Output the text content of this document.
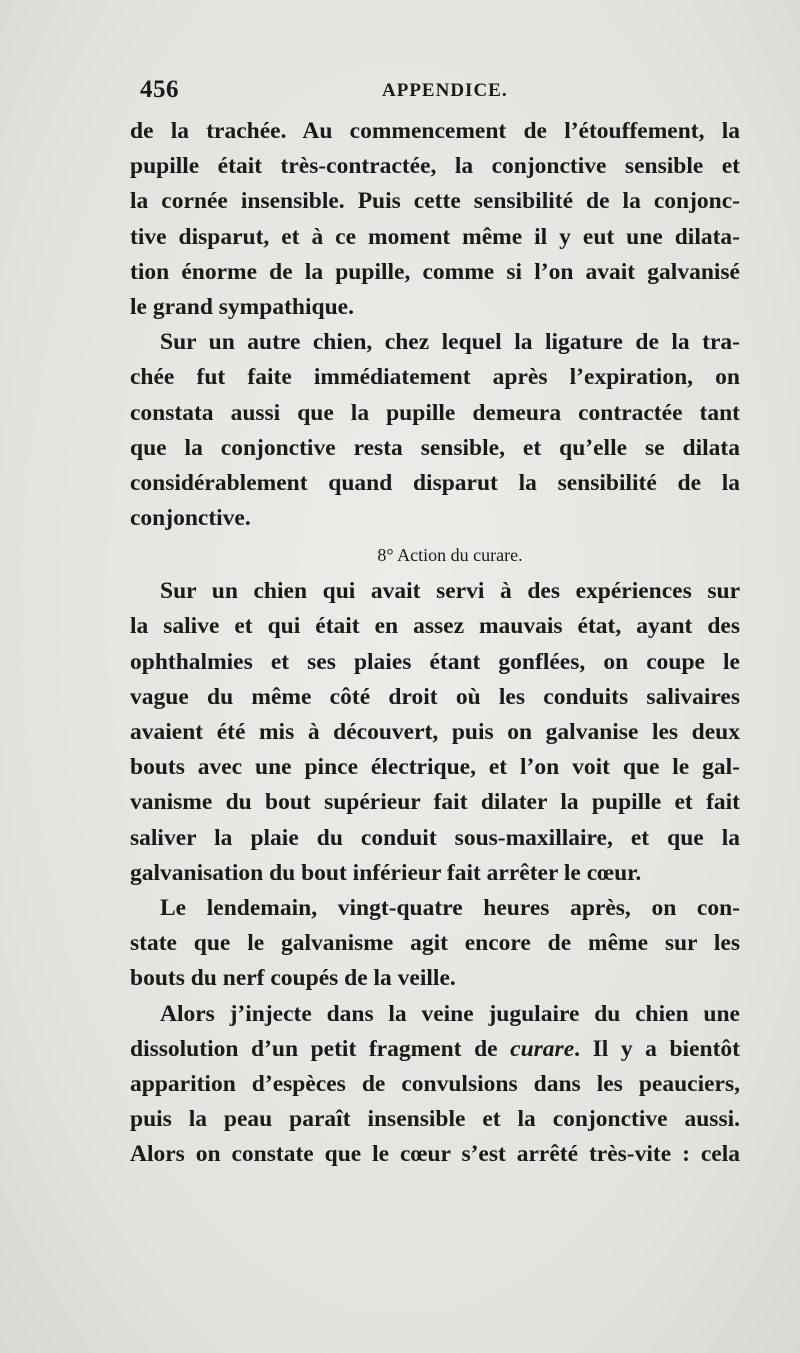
456	APPENDICE.
de la trachée. Au commencement de l’étouffement, la
pupille était très-contractée, la conjonctive sensible et
la cornée insensible. Puis cette sensibilité de la conjonc-
tive disparut, et à ce moment même il y eut une dilata-
tion énorme de la pupille, comme si l’on avait galvanisé
le grand sympathique.
Sur un autre chien, chez lequel la ligature de la tra-
chée fut faite immédiatement après l’expiration, on
constata aussi que la pupille demeura contractée tant
que la conjonctive resta sensible, et qu’elle se dilata
considérablement quand disparut la sensibilité de la
conjonctive.
8° Action du curare.
Sur un chien qui avait servi à des expériences sur
la salive et qui était en assez mauvais état, ayant des
ophthalmies et ses plaies étant gonflées, on coupe le
vague du même côté droit où les conduits salivaires
avaient été mis à découvert, puis on galvanise les deux
bouts avec une pince électrique, et l’on voit que le gal-
vanisme du bout supérieur fait dilater la pupille et fait
saliver la plaie du conduit sous-maxillaire, et que la
galvanisation du bout inférieur fait arrêter le cœur.
Le lendemain, vingt-quatre heures après, on con-
state que le galvanisme agit encore de même sur les
bouts du nerf coupés de la veille.
Alors j’injecte dans la veine jugulaire du chien une
dissolution d’un petit fragment de curare. Il y a bientôt
apparition d’espèces de convulsions dans les peauciers,
puis la peau paraît insensible et la conjonctive aussi.
Alors on constate que le cœur s’est arrêté très-vite : cela
